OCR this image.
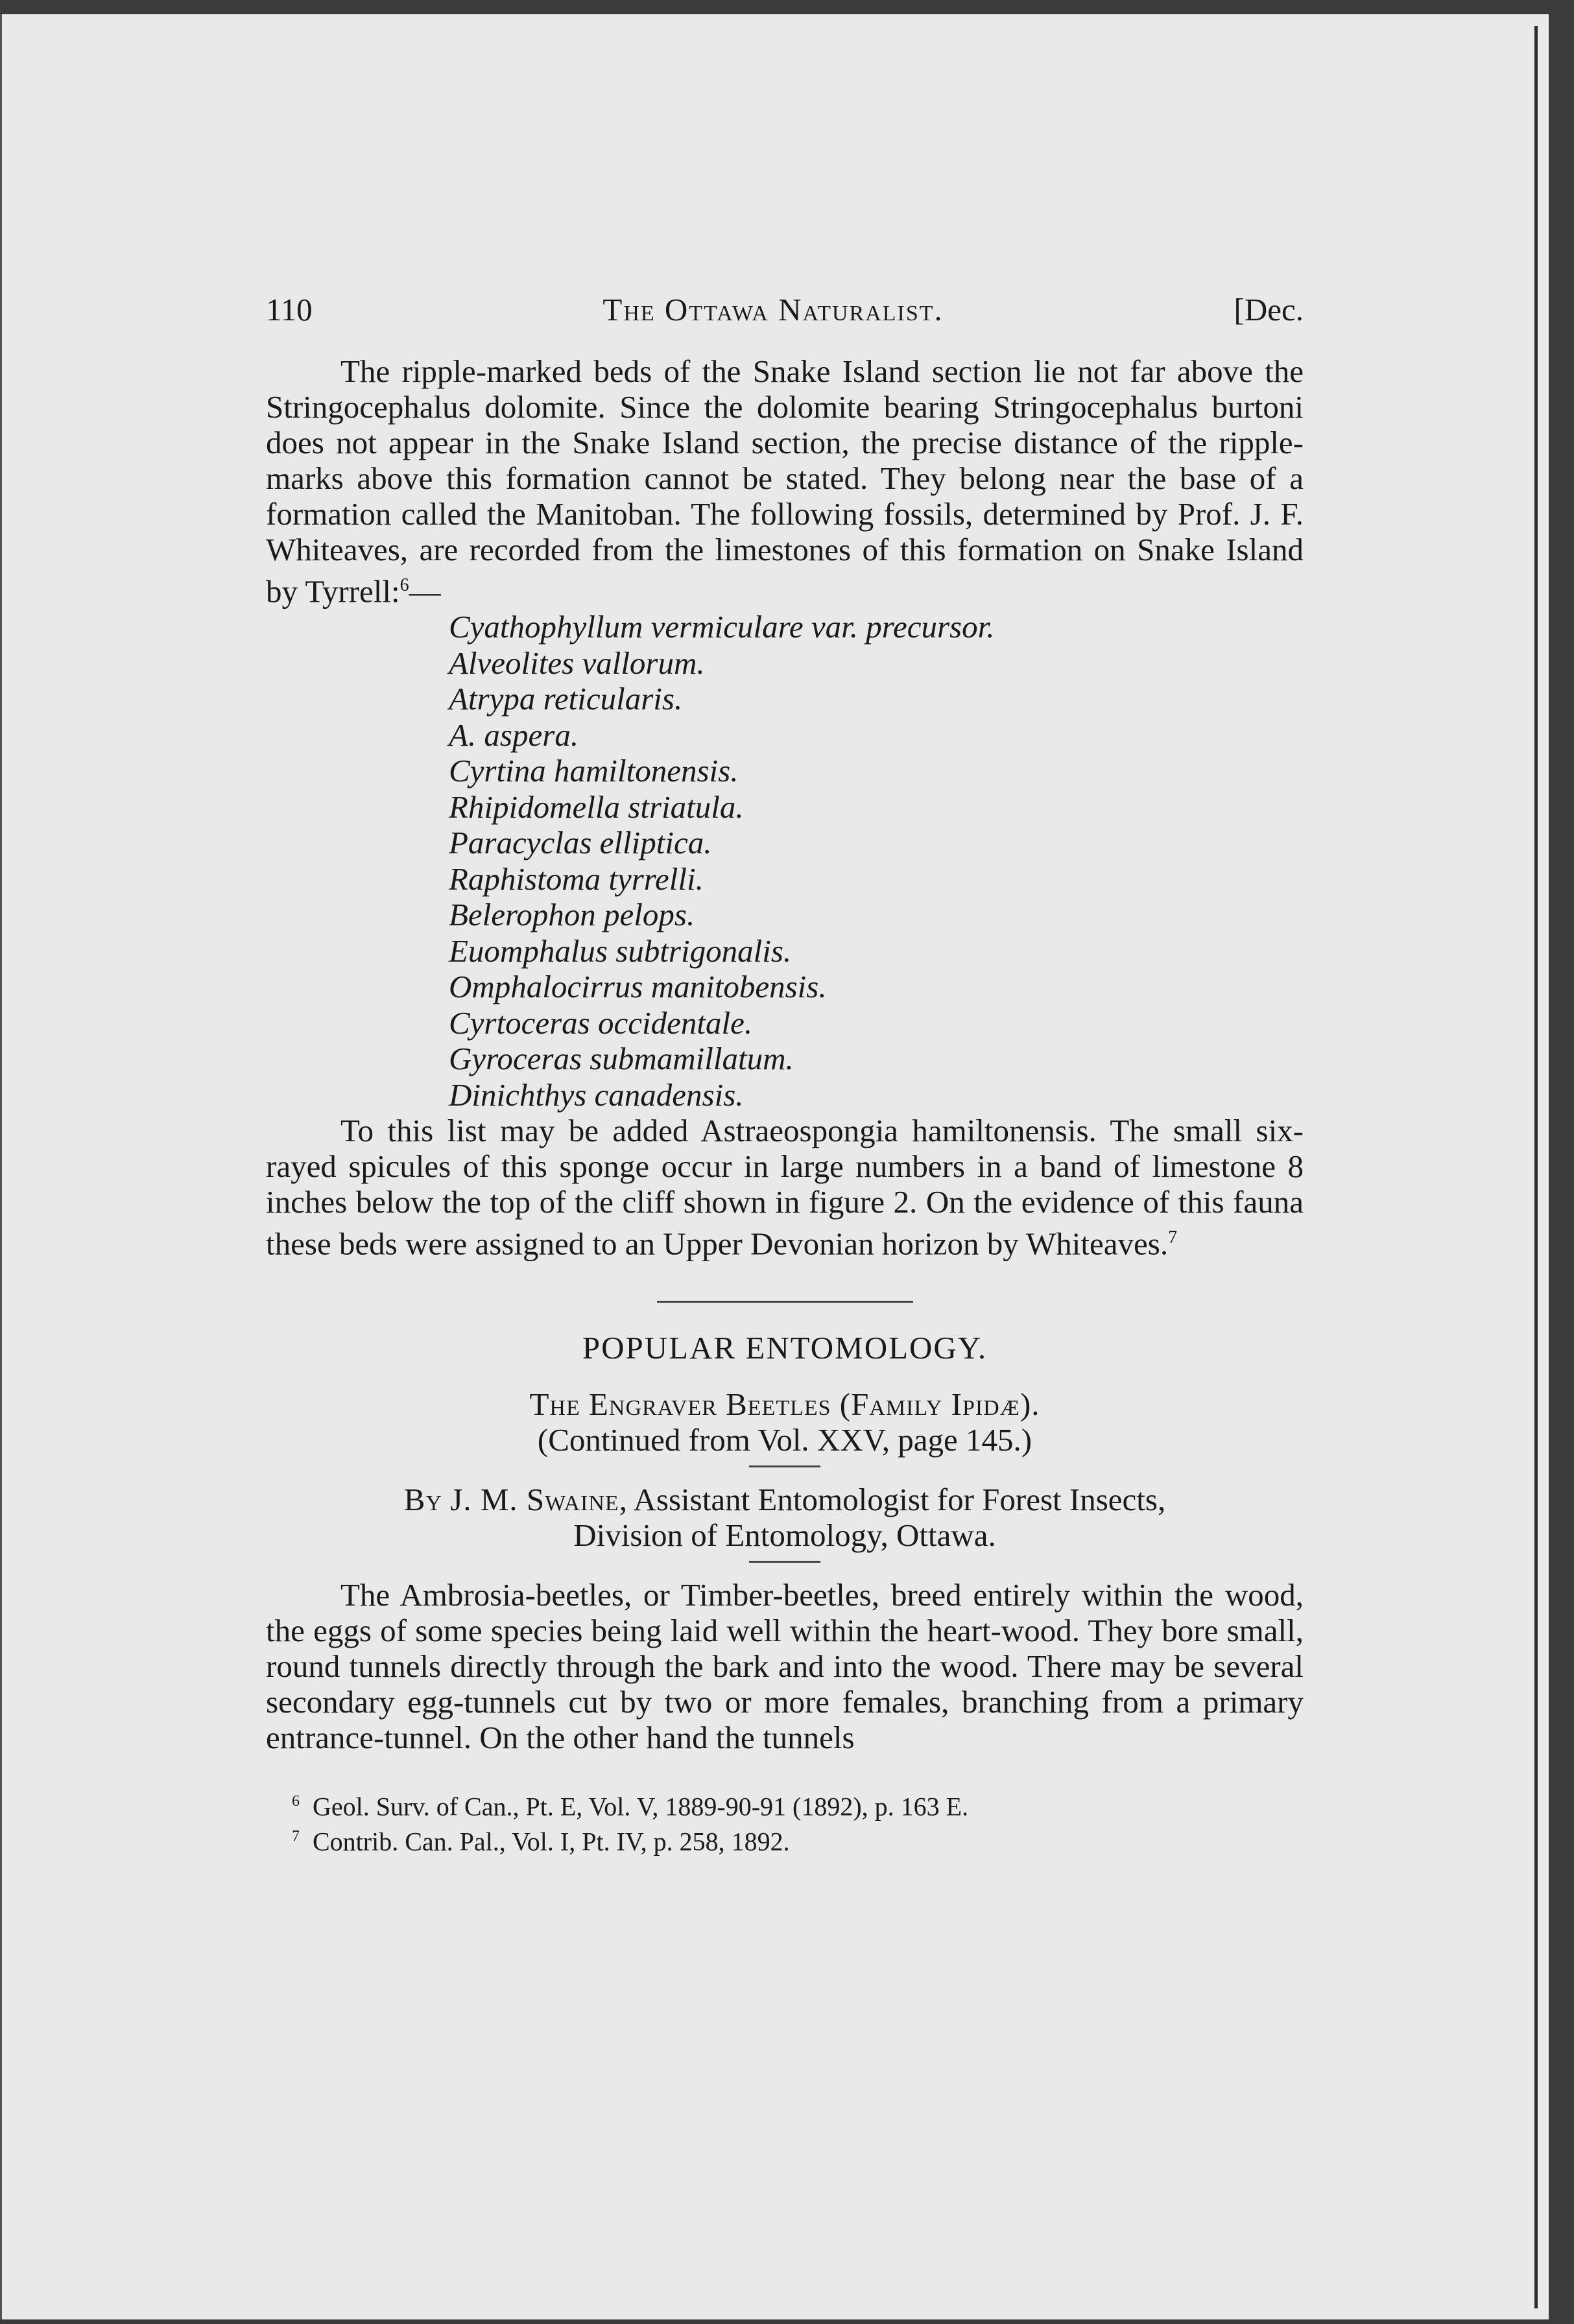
110	The Ottawa Naturalist.	[Dec.

The ripple-marked beds of the Snake Island section lie not far above the Stringocephalus dolomite. Since the dolomite bearing Stringocephalus burtoni does not appear in the Snake Island section, the precise distance of the ripple-marks above this formation cannot be stated. They belong near the base of a formation called the Manitoban. The following fossils, determined by Prof. J. F. Whiteaves, are recorded from the limestones of this formation on Snake Island by Tyrrell:$^6$—

Cyathophyllum vermiculare var. precursor.
Alveolites vallorum.
Atrypa reticularis.
A. aspera.
Cyrtina hamiltonensis.
Rhipidomella striatula.
Paracyclas elliptica.
Raphistoma tyrrelli.
Belerophon pelops.
Euomphalus subtrigonalis.
Omphalocirrus manitobensis.
Cyrtoceras occidentale.
Gyroceras submamillatum.
Dinichthys canadensis.

To this list may be added Astraeospongia hamiltonensis. The small six-rayed spicules of this sponge occur in large numbers in a band of limestone 8 inches below the top of the cliff shown in figure 2. On the evidence of this fauna these beds were assigned to an Upper Devonian horizon by Whiteaves.$^7$

POPULAR ENTOMOLOGY.
The Engraver Beetles (Family Ipidæ).
(Continued from Vol. XXV, page 145.)
By J. M. Swaine, Assistant Entomologist for Forest Insects,
Division of Entomology, Ottawa.

The Ambrosia-beetles, or Timber-beetles, breed entirely within the wood, the eggs of some species being laid well within the heart-wood. They bore small, round tunnels directly through the bark and into the wood. There may be several secondary egg-tunnels cut by two or more females, branching from a primary entrance-tunnel. On the other hand the tunnels

$^6$ Geol. Surv. of Can., Pt. E, Vol. V, 1889-90-91 (1892), p. 163 E.
$^7$ Contrib. Can. Pal., Vol. I, Pt. IV, p. 258, 1892.
